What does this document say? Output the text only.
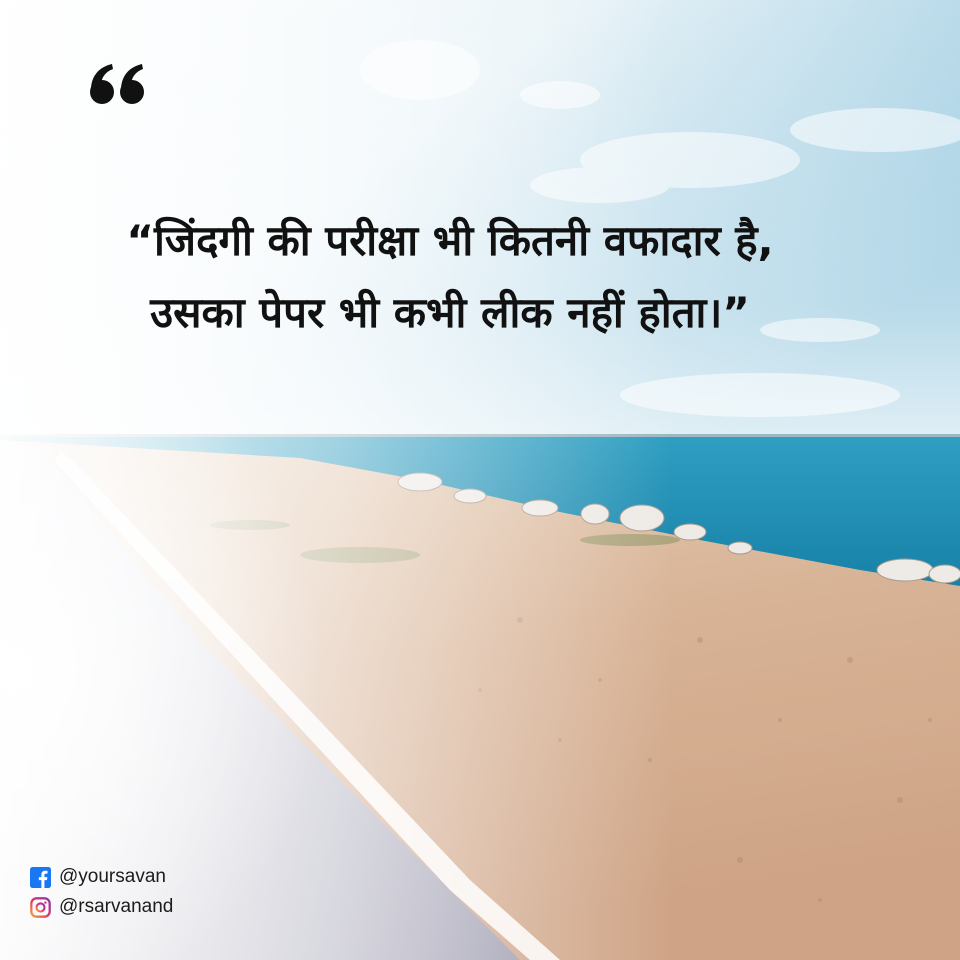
“जिंदगी की परीक्षा भी कितनी वफादार है,
उसका पेपर भी कभी लीक नहीं होता।”

@yoursavan
@rsarvanand
